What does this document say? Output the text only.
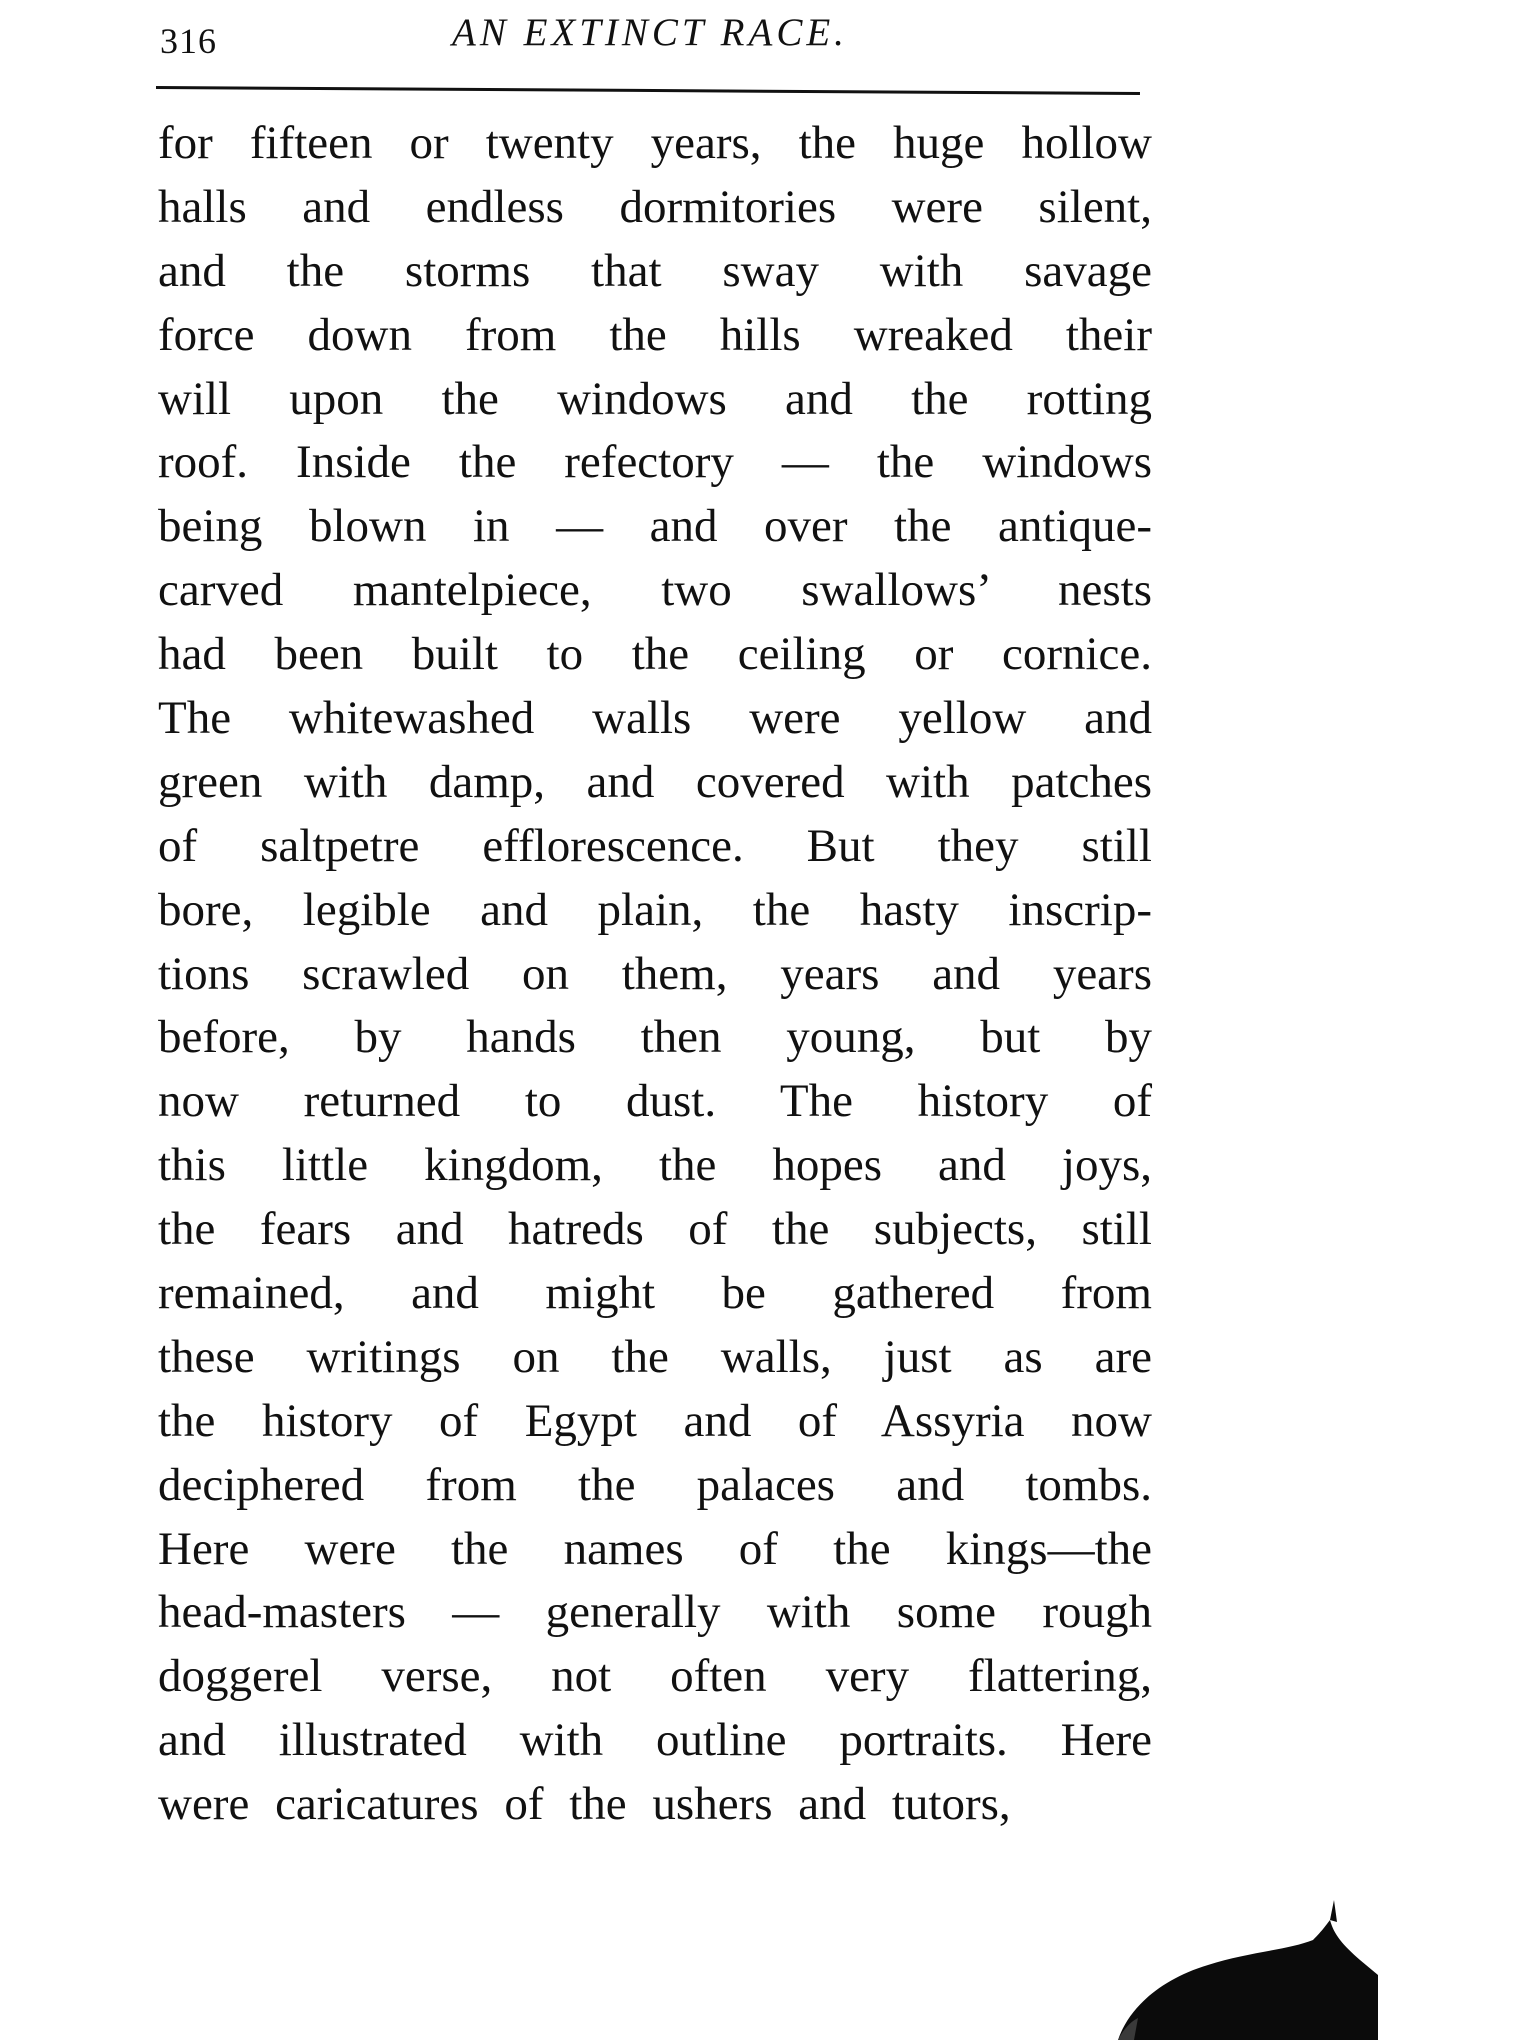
316	AN EXTINCT RACE.
for fifteen or twenty years, the huge hollow
halls and endless dormitories were silent,
and the storms that sway with savage
force down from the hills wreaked their
will upon the windows and the rotting
roof. Inside the refectory — the windows
being blown in — and over the antique-
carved mantelpiece, two swallows’ nests
had been built to the ceiling or cornice.
The whitewashed walls were yellow and
green with damp, and covered with patches
of saltpetre efflorescence. But they still
bore, legible and plain, the hasty inscrip-
tions scrawled on them, years and years
before, by hands then young, but by
now returned to dust. The history of
this little kingdom, the hopes and joys,
the fears and hatreds of the subjects, still
remained, and might be gathered from
these writings on the walls, just as are
the history of Egypt and of Assyria now
deciphered from the palaces and tombs.
Here were the names of the kings—the
head-masters — generally with some rough
doggerel verse, not often very flattering,
and illustrated with outline portraits. Here
were caricatures of the ushers and tutors,
